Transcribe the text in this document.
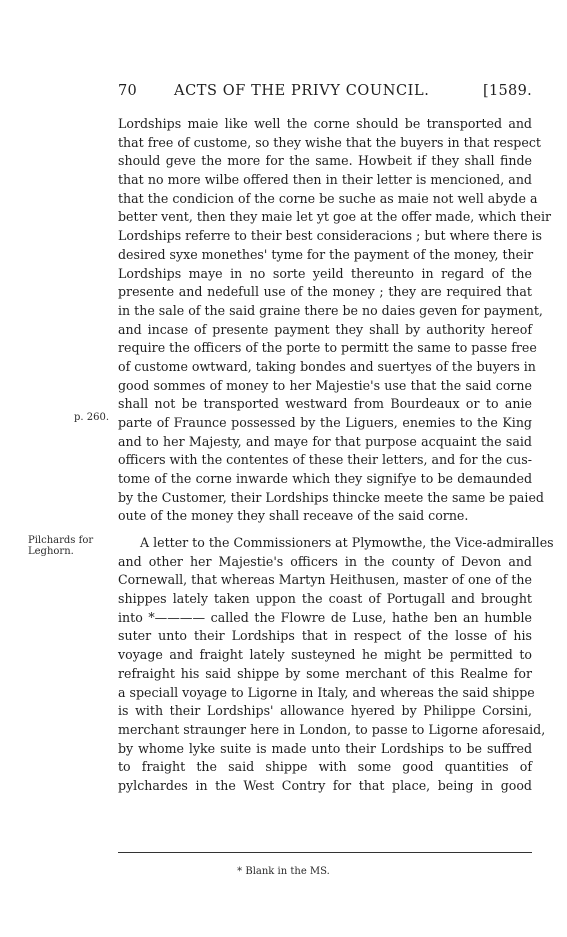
70	ACTS OF THE PRIVY COUNCIL.	[1589.
Lordships maie like well the corne should be transported and
that free of custome, so they wishe that the buyers in that respect
should geve the more for the same. Howbeit if they shall finde
that no more wilbe offered then in their letter is mencioned, and
that the condicion of the corne be suche as maie not well abyde a
better vent, then they maie let yt goe at the offer made, which their
Lordships referre to their best consideracions ; but where there is
desired syxe monethes' tyme for the payment of the money, their
Lordships maye in no sorte yeild thereunto in regard of the
presente and nedefull use of the money ; they are required that
in the sale of the said graine there be no daies geven for payment,
and incase of presente payment they shall by authority hereof
require the officers of the porte to permitt the same to passe free
of custome owtward, taking bondes and suertyes of the buyers in
good sommes of money to her Majestie's use that the said corne
shall not be transported westward from Bourdeaux or to anie
parte of Fraunce possessed by the Liguers, enemies to the King
and to her Majesty, and maye for that purpose acquaint the said
officers with the contentes of these their letters, and for the cus-
tome of the corne inwarde which they signifye to be demaunded
by the Customer, their Lordships thincke meete the same be paied
oute of the money they shall receave of the said corne.
p. 260.
Pilchards for Leghorn.
A letter to the Commissioners at Plymowthe, the Vice-admiralles
and other her Majestie's officers in the county of Devon and
Cornewall, that whereas Martyn Heithusen, master of one of the
shippes lately taken uppon the coast of Portugall and brought
into *———— called the Flowre de Luse, hathe ben an humble
suter unto their Lordships that in respect of the losse of his
voyage and fraight lately susteyned he might be permitted to
refraight his said shippe by some merchant of this Realme for
a speciall voyage to Ligorne in Italy, and whereas the said shippe
is with their Lordships' allowance hyered by Philippe Corsini,
merchant straunger here in London, to passe to Ligorne aforesaid,
by whome lyke suite is made unto their Lordships to be suffred
to fraight the said shippe with some good quantities of
pylchardes in the West Contry for that place, being in good
* Blank in the MS.
